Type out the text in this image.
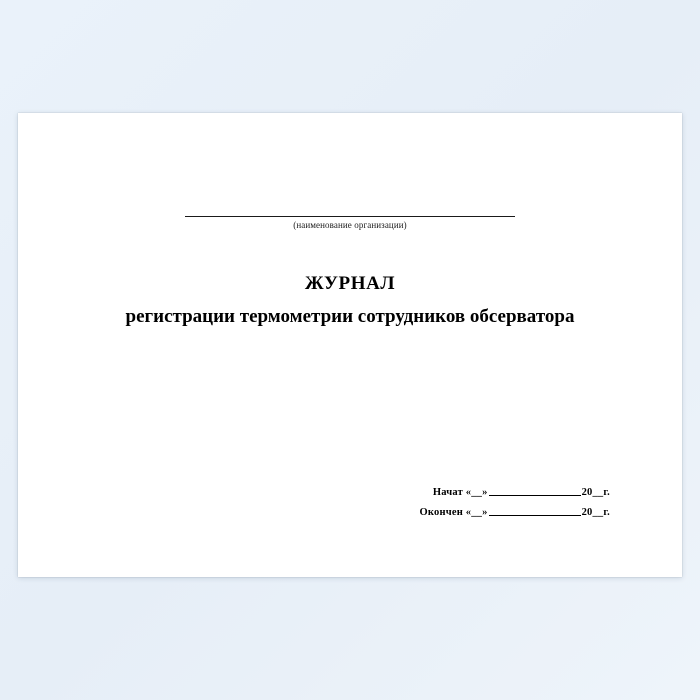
(наименование организации)
ЖУРНАЛ
регистрации термометрии сотрудников обсерватора
Начат «__»	20__г.
Окончен «__»	20__г.
